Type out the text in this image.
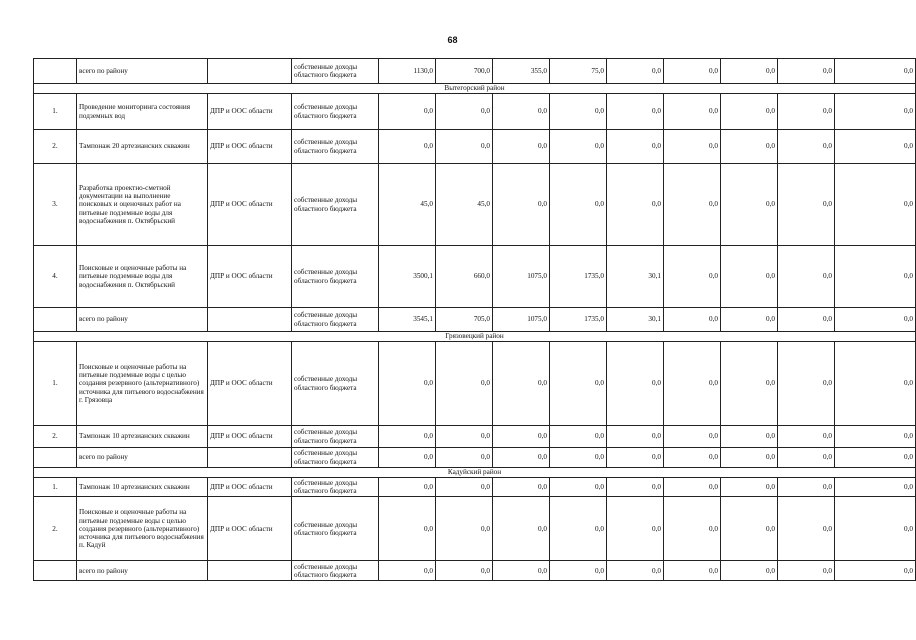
68
	всего по району		собственные доходы областного бюджета	1130,0	700,0	355,0	75,0	0,0	0,0	0,0	0,0	0,0
Вытегорский район												
1.	Проведение мониторинга состояния подземных вод	ДПР и ООС области	собственные доходы областного бюджета	0,0	0,0	0,0	0,0	0,0	0,0	0,0	0,0	0,0
2.	Тампонаж 20 артезианских скважин	ДПР и ООС области	собственные доходы областного бюджета	0,0	0,0	0,0	0,0	0,0	0,0	0,0	0,0	0,0
3.	Разработка проектно-сметной документации на выполнение поисковых и оценочных работ на питьевые подземные воды для водоснабжения п. Октябрьский	ДПР и ООС области	собственные доходы областного бюджета	45,0	45,0	0,0	0,0	0,0	0,0	0,0	0,0	0,0
4.	Поисковые и оценочные работы на питьевые подземные воды для водоснабжения п. Октябрьский	ДПР и ООС области	собственные доходы областного бюджета	3500,1	660,0	1075,0	1735,0	30,1	0,0	0,0	0,0	0,0
	всего по району		собственные доходы областного бюджета	3545,1	705,0	1075,0	1735,0	30,1	0,0	0,0	0,0	0,0
Грязовецкий район												
1.	Поисковые и оценочные работы на питьевые подземные воды с целью создания резервного (альтернативного) источника для питьевого водоснабжения г. Грязовца	ДПР и ООС области	собственные доходы областного бюджета	0,0	0,0	0,0	0,0	0,0	0,0	0,0	0,0	0,0
2.	Тампонаж 10 артезианских скважин	ДПР и ООС области	собственные доходы областного бюджета	0,0	0,0	0,0	0,0	0,0	0,0	0,0	0,0	0,0
	всего по району		собственные доходы областного бюджета	0,0	0,0	0,0	0,0	0,0	0,0	0,0	0,0	0,0
Кадуйский район												
1.	Тампонаж 10 артезианских скважин	ДПР и ООС области	собственные доходы областного бюджета	0,0	0,0	0,0	0,0	0,0	0,0	0,0	0,0	0,0
2.	Поисковые и оценочные работы на питьевые подземные воды с целью создания резервного (альтернативного) источника для питьевого водоснабжения п. Кадуй	ДПР и ООС области	собственные доходы областного бюджета	0,0	0,0	0,0	0,0	0,0	0,0	0,0	0,0	0,0
	всего по району		собственные доходы областного бюджета	0,0	0,0	0,0	0,0	0,0	0,0	0,0	0,0	0,0
